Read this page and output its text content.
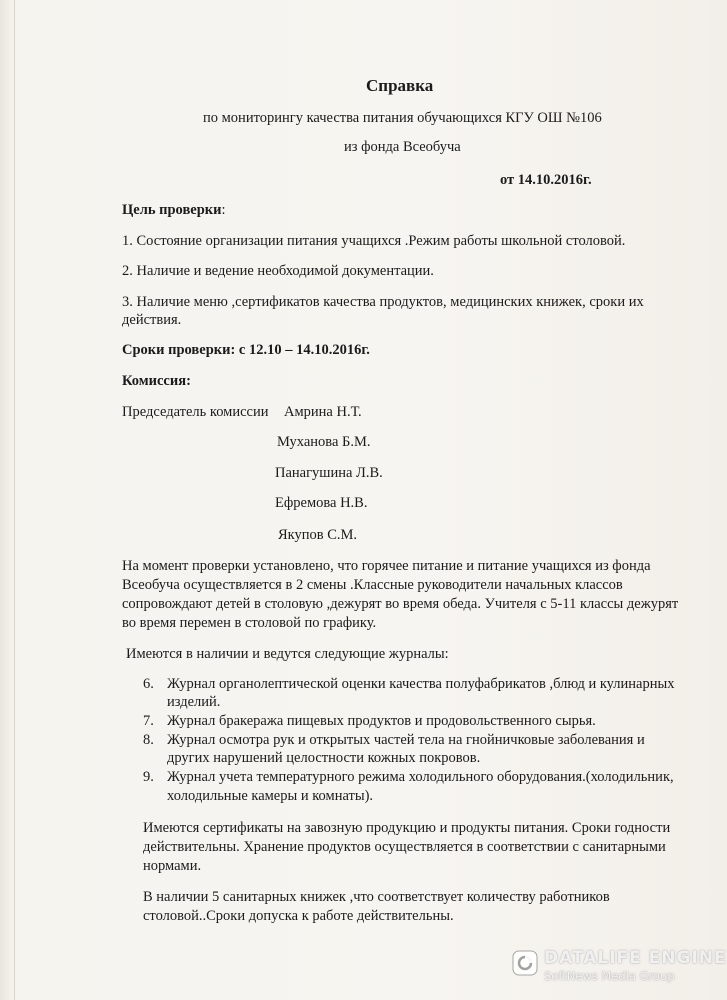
Справка
по мониторингу качества питания обучающихся КГУ ОШ №106
из фонда Всеобуча
от 14.10.2016г.
Цель проверки:
1. Состояние организации питания учащихся .Режим работы школьной столовой.
2. Наличие и ведение необходимой документации.
3. Наличие меню ,сертификатов качества продуктов, медицинских книжек, сроки их
действия.
Сроки проверки: с 12.10 – 14.10.2016г.
Комиссия:
Председатель комиссии Амрина Н.Т.
Муханова Б.М.
Панагушина Л.В.
Ефремова Н.В.
Якупов С.М.
На момент проверки установлено, что горячее питание и питание учащихся из фонда
Всеобуча осуществляется в 2 смены .Классные руководители начальных классов
сопровождают детей в столовую ,дежурят во время обеда. Учителя с 5-11 классы дежурят
во время перемен в столовой по графику.
Имеются в наличии и ведутся следующие журналы:
6. Журнал органолептической оценки качества полуфабрикатов ,блюд и кулинарных
изделий.
7. Журнал бракеража пищевых продуктов и продовольственного сырья.
8. Журнал осмотра рук и открытых частей тела на гнойничковые заболевания и
других нарушений целостности кожных покровов.
9. Журнал учета температурного режима холодильного оборудования.(холодильник,
холодильные камеры и комнаты).
Имеются сертификаты на завозную продукцию и продукты питания. Сроки годности
действительны. Хранение продуктов осуществляется в соответствии с санитарными
нормами.
В наличии 5 санитарных книжек ,что соответствует количеству работников
столовой..Сроки допуска к работе действительны.
DATALIFE ENGINE
SoftNews Media Group
